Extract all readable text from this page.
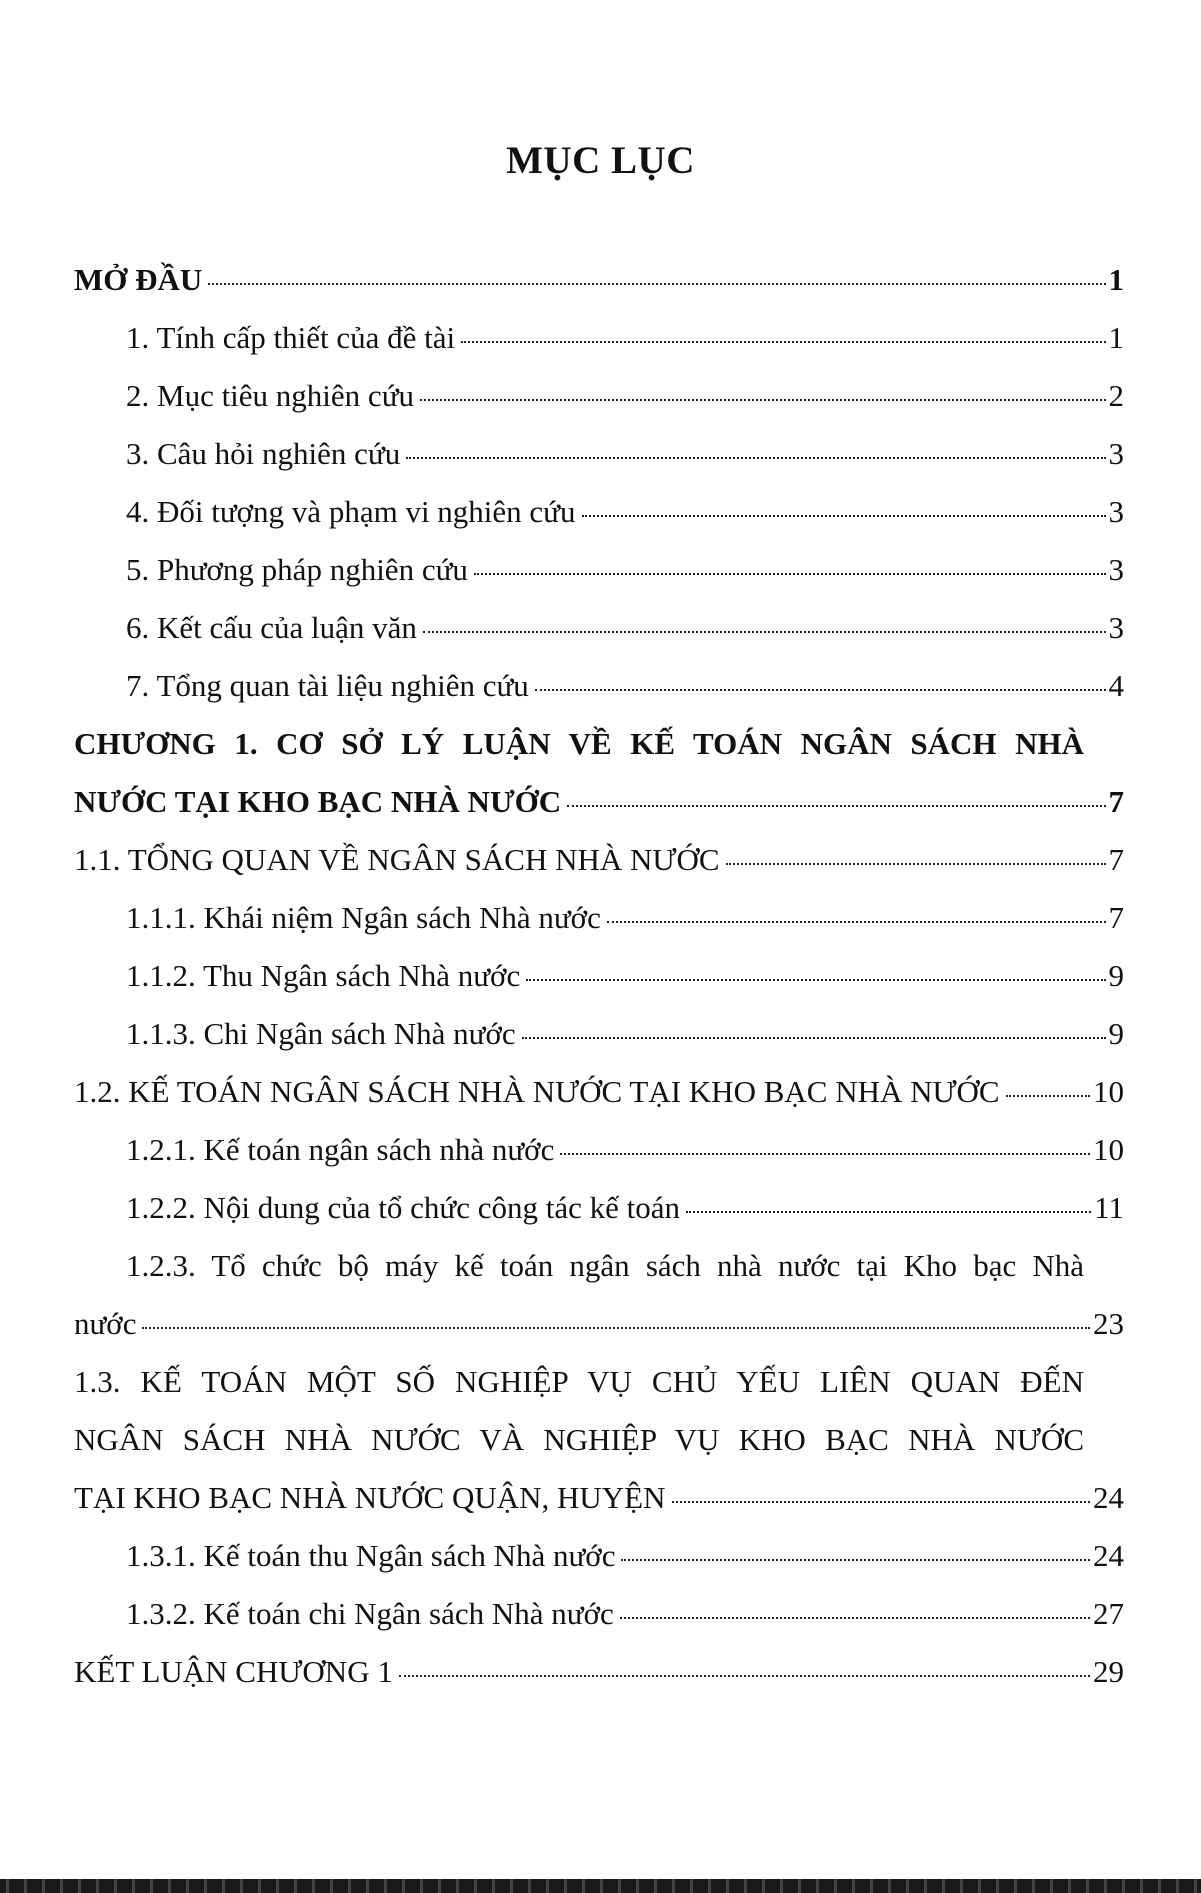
MỤC LỤC
MỞ ĐẦU	1
1. Tính cấp thiết của đề tài	1
2. Mục tiêu nghiên cứu	2
3. Câu hỏi nghiên cứu	3
4. Đối tượng và phạm vi nghiên cứu	3
5. Phương pháp nghiên cứu	3
6. Kết cấu của luận văn	3
7. Tổng quan tài liệu nghiên cứu	4
CHƯƠNG 1. CƠ SỞ LÝ LUẬN VỀ KẾ TOÁN NGÂN SÁCH NHÀ
NƯỚC TẠI KHO BẠC NHÀ NƯỚC	7
1.1. TỔNG QUAN VỀ NGÂN SÁCH NHÀ NƯỚC	7
1.1.1. Khái niệm Ngân sách Nhà nước	7
1.1.2. Thu Ngân sách Nhà nước	9
1.1.3. Chi Ngân sách Nhà nước	9
1.2. KẾ TOÁN NGÂN SÁCH NHÀ NƯỚC TẠI KHO BẠC NHÀ NƯỚC	10
1.2.1. Kế toán ngân sách nhà nước	10
1.2.2. Nội dung của tổ chức công tác kế toán	11
1.2.3. Tổ chức bộ máy kế toán ngân sách nhà nước tại Kho bạc Nhà
nước	23
1.3. KẾ TOÁN MỘT SỐ NGHIỆP VỤ CHỦ YẾU LIÊN QUAN ĐẾN
NGÂN SÁCH NHÀ NƯỚC VÀ NGHIỆP VỤ KHO BẠC NHÀ NƯỚC
TẠI KHO BẠC NHÀ NƯỚC QUẬN, HUYỆN	24
1.3.1. Kế toán thu Ngân sách Nhà nước	24
1.3.2. Kế toán chi Ngân sách Nhà nước	27
KẾT LUẬN CHƯƠNG 1	29
